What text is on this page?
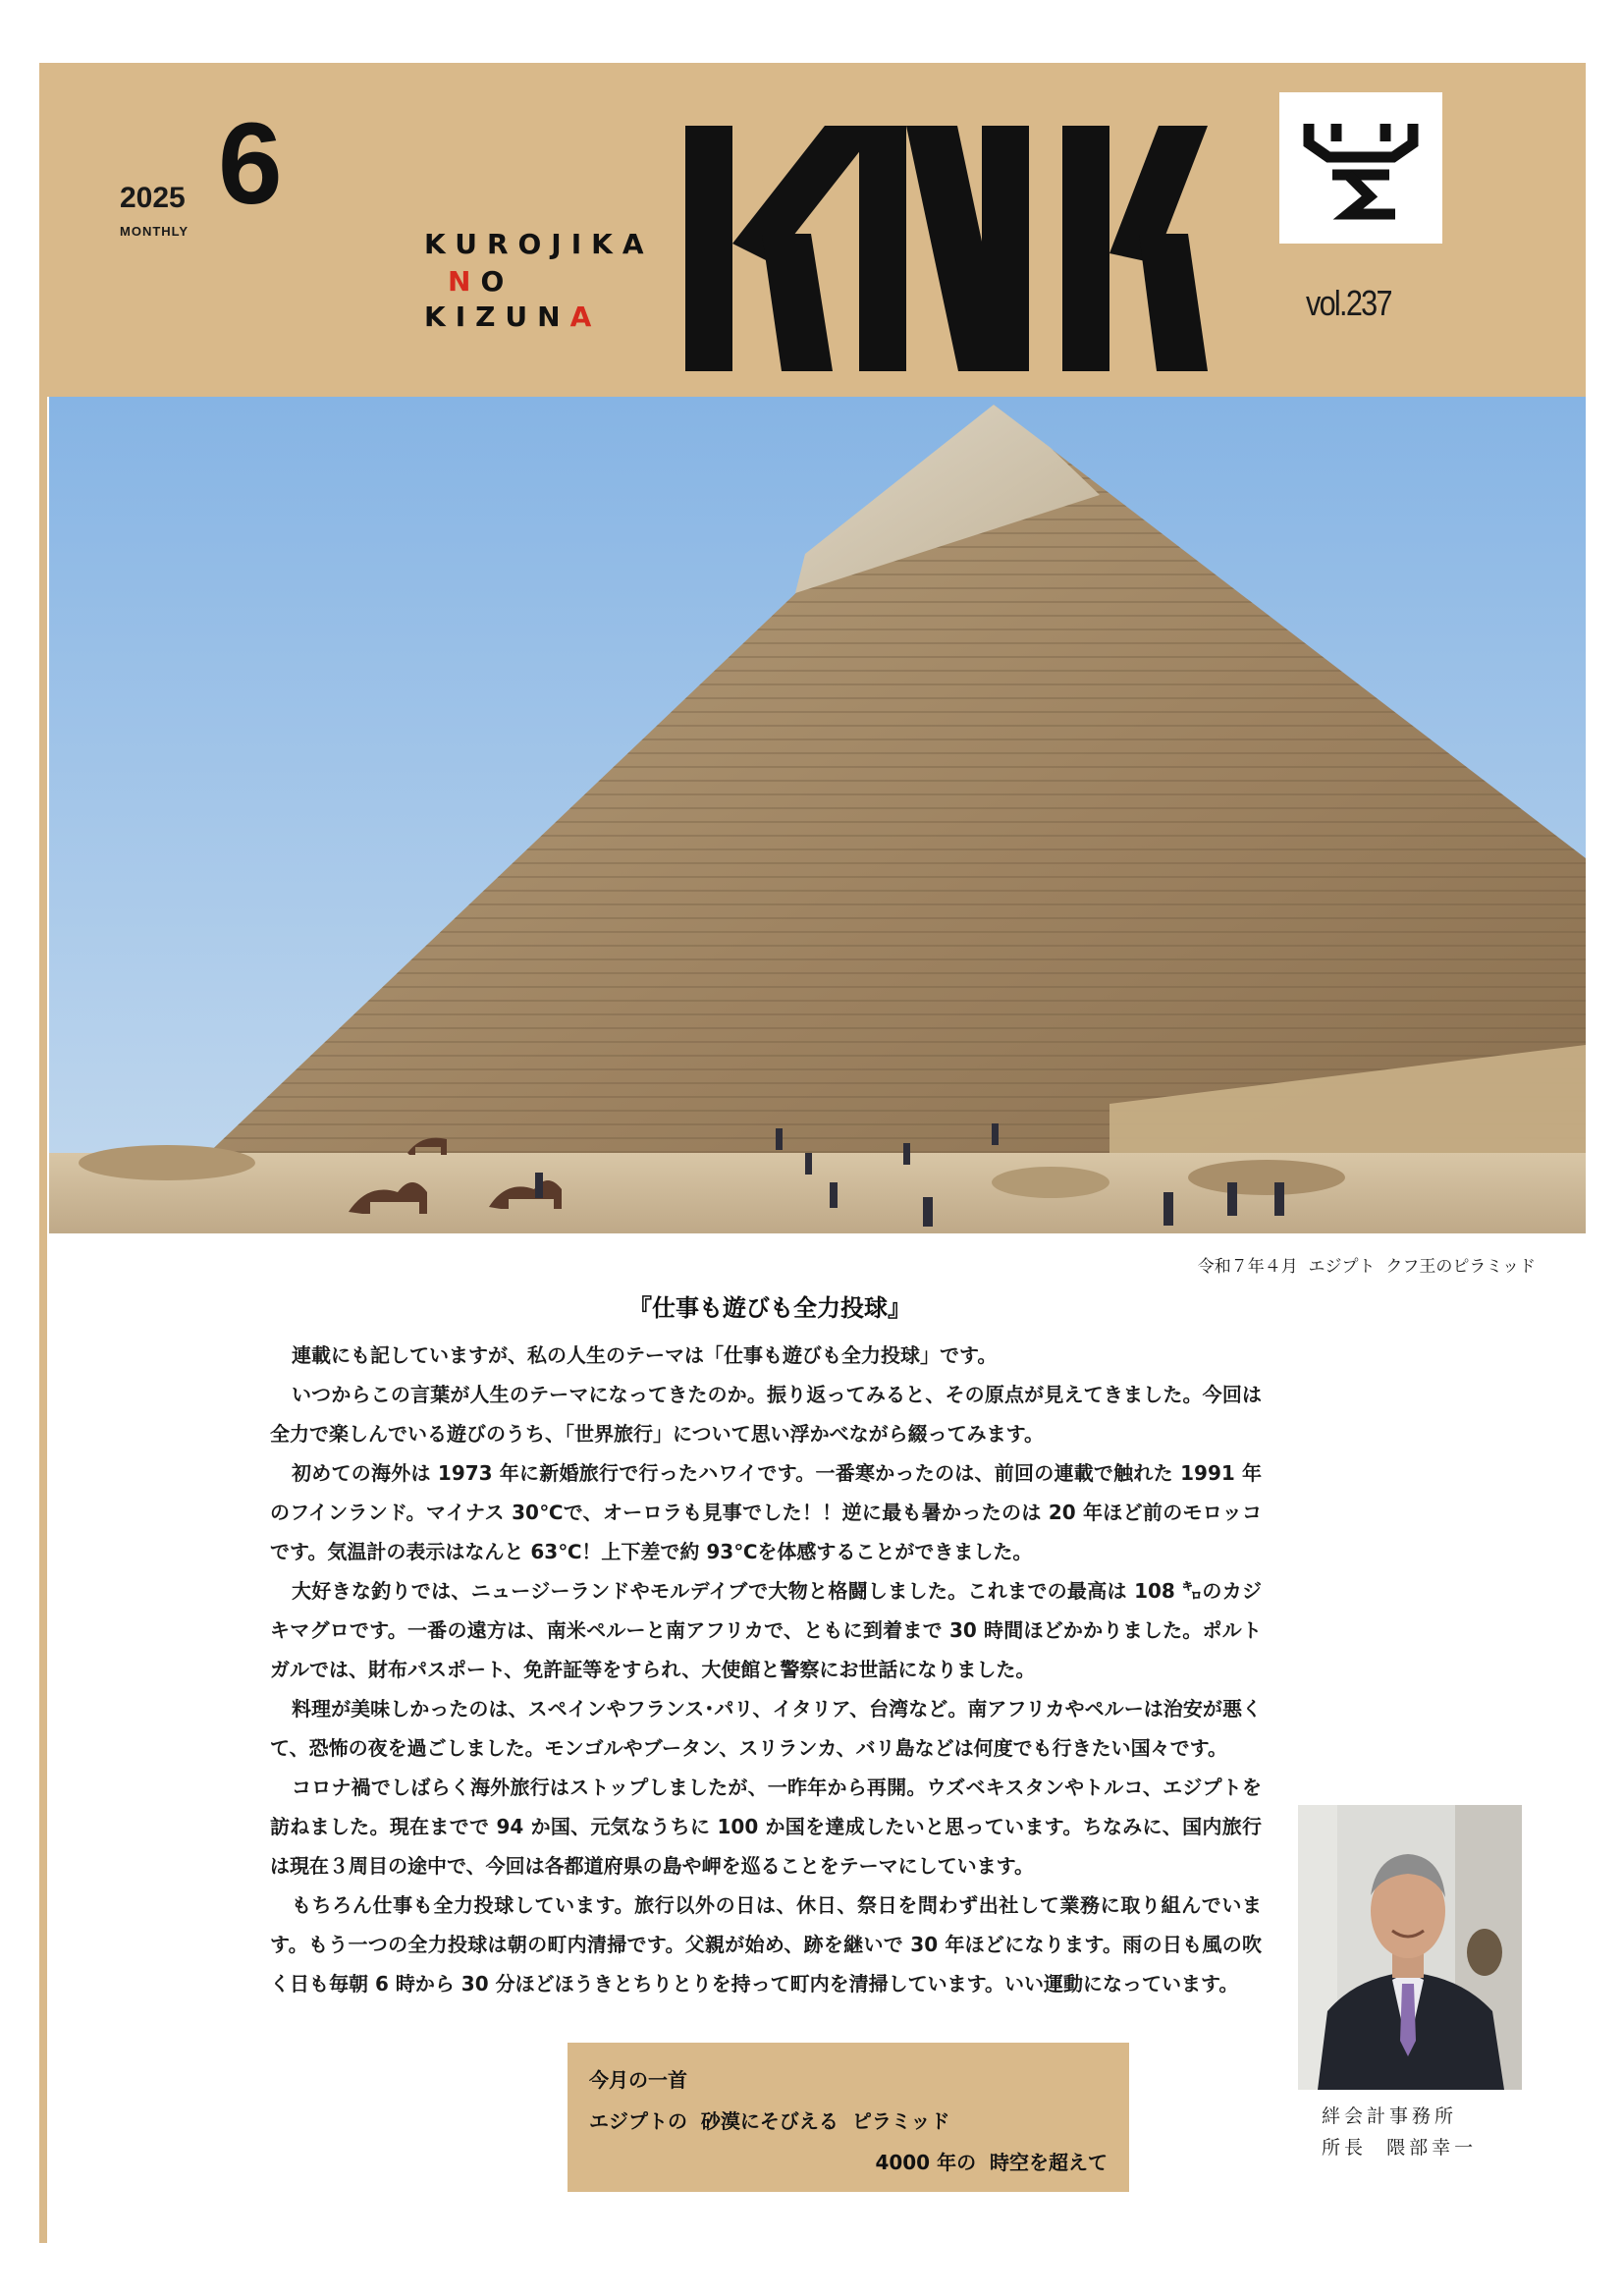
2025
MONTHLY
6
KUROJIKA
NO
KIZUNA	vol.237
令和７年４月  エジプト  クフ王のピラミッド
『仕事も遊びも全力投球』

連載にも記していますが、私の人生のテーマは「仕事も遊びも全力投球」です。

いつからこの言葉が人生のテーマになってきたのか。振り返ってみると、その原点が見えてきました。今回は全力で楽しんでいる遊びのうち、「世界旅行」について思い浮かべながら綴ってみます。

初めての海外は 1973 年に新婚旅行で行ったハワイです。一番寒かったのは、前回の連載で触れた 1991 年のフインランド。マイナス 30℃で、オーロラも見事でした！！逆に最も暑かったのは 20 年ほど前のモロッコです。気温計の表示はなんと 63℃！上下差で約 93℃を体感することができました。

大好きな釣りでは、ニュージーランドやモルデイブで大物と格闘しました。これまでの最高は 108 ㌔のカジキマグロです。一番の遠方は、南米ペルーと南アフリカで、ともに到着まで 30 時間ほどかかりました。ポルトガルでは、財布パスポート、免許証等をすられ、大使館と警察にお世話になりました。

料理が美味しかったのは、スペインやフランス･パリ、イタリア、台湾など。南アフリカやペルーは治安が悪くて、恐怖の夜を過ごしました。モンゴルやブータン、スリランカ、バリ島などは何度でも行きたい国々です。

コロナ禍でしばらく海外旅行はストップしましたが、一昨年から再開。ウズベキスタンやトルコ、エジプトを訪ねました。現在までで 94 か国、元気なうちに 100 か国を達成したいと思っています。ちなみに、国内旅行は現在３周目の途中で、今回は各都道府県の島や岬を巡ることをテーマにしています。

もちろん仕事も全力投球しています。旅行以外の日は、休日、祭日を問わず出社して業務に取り組んでいます。もう一つの全力投球は朝の町内清掃です。父親が始め、跡を継いで 30 年ほどになります。雨の日も風の吹く日も毎朝 6 時から 30 分ほどほうきとちりとりを持って町内を清掃しています。いい運動になっています。

今月の一首
エジプトの  砂漠にそびえる  ピラミッド
4000 年の  時空を超えて
絆会計事務所
所長  隈部幸一
